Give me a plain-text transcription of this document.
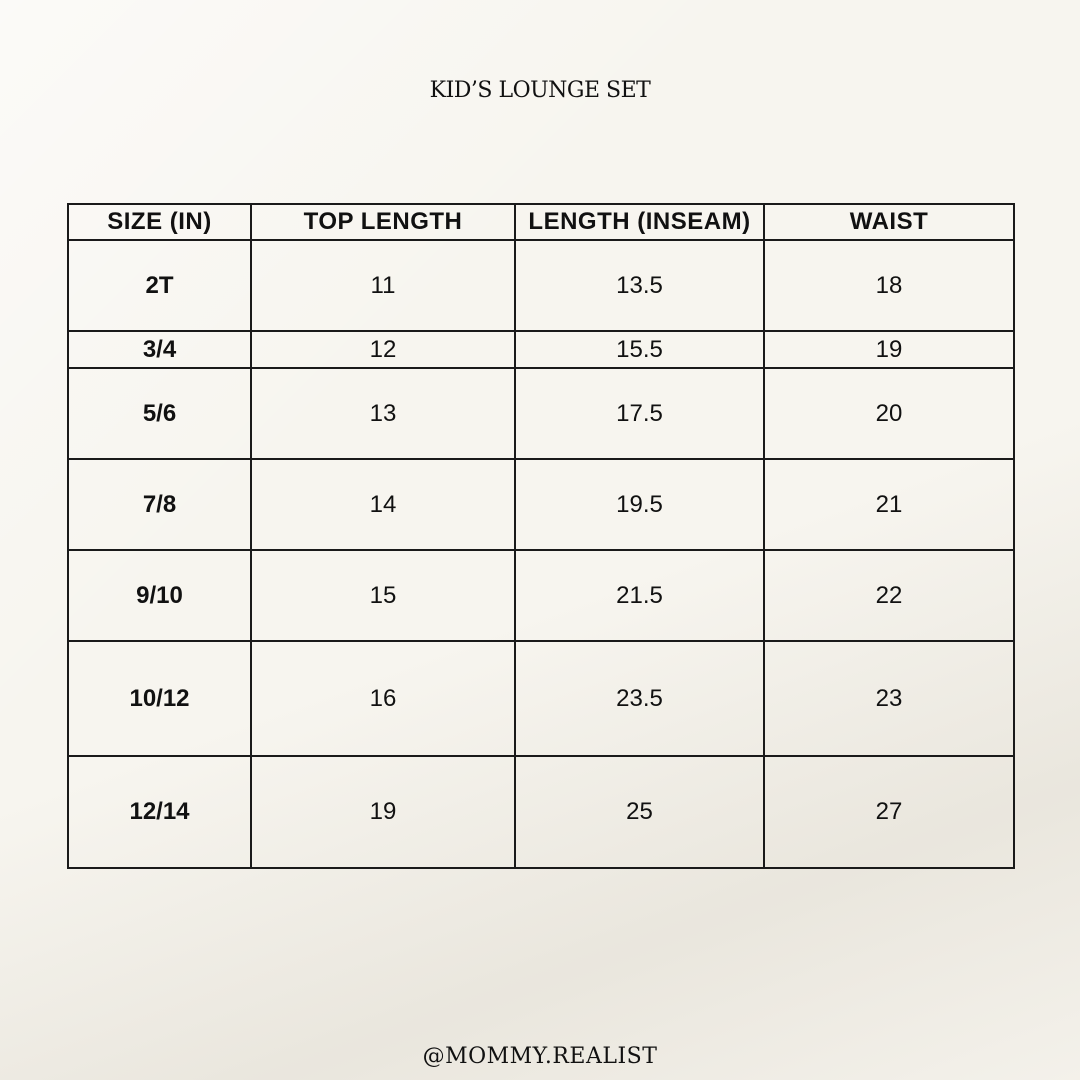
KID’S LOUNGE SET
SIZE (IN)	TOP LENGTH	LENGTH (INSEAM)	WAIST
2T	11	13.5	18
3/4	12	15.5	19
5/6	13	17.5	20
7/8	14	19.5	21
9/10	15	21.5	22
10/12	16	23.5	23
12/14	19	25	27
@MOMMY.REALIST
